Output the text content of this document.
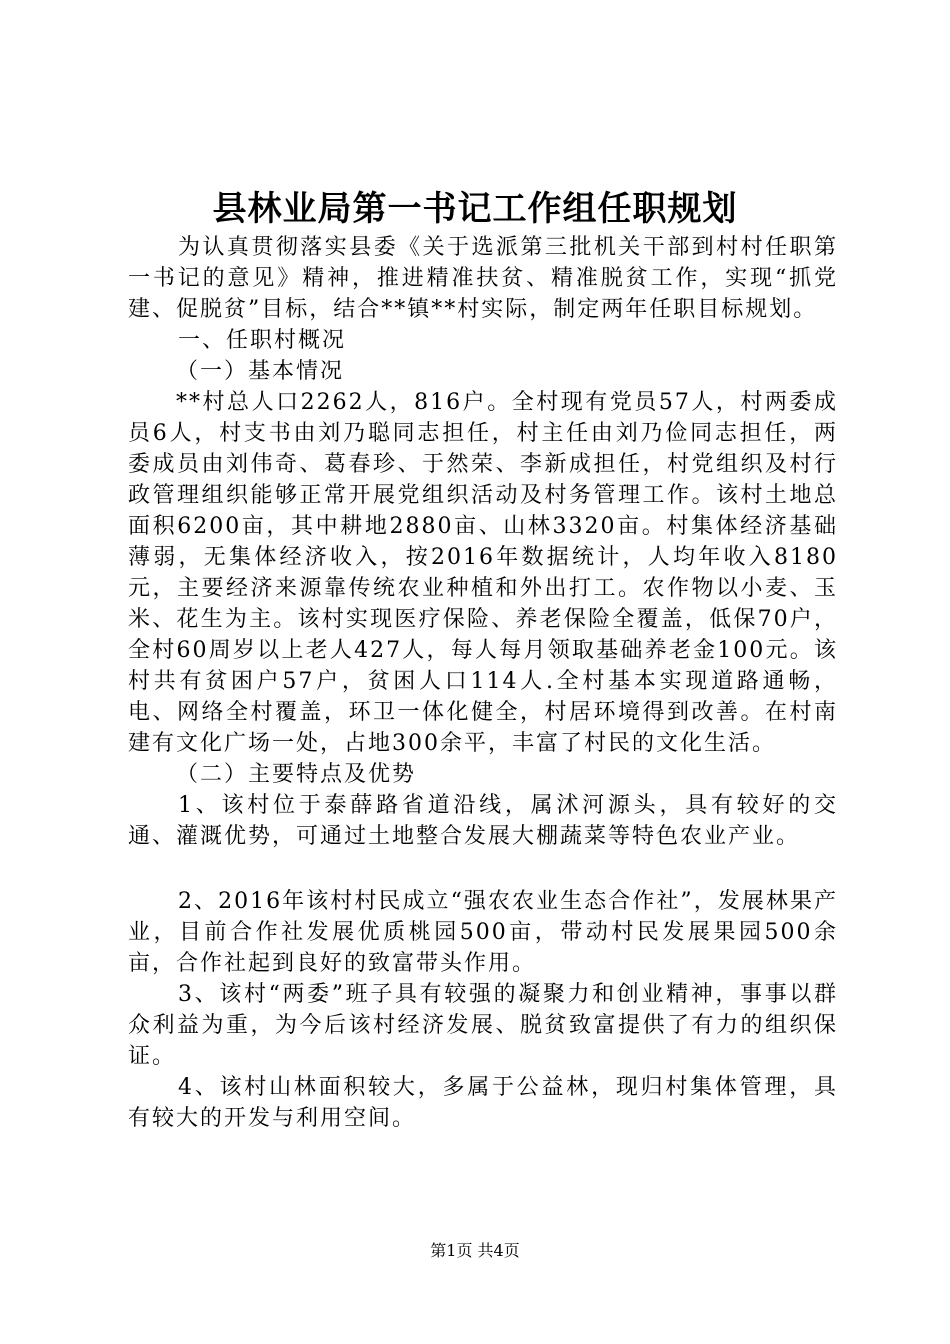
县林业局第一书记工作组任职规划

为认真贯彻落实县委《关于选派第三批机关干部到村村任职第一书记的意见》精神，推进精准扶贫、精准脱贫工作，实现“抓党建、促脱贫”目标，结合**镇**村实际，制定两年任职目标规划。

一、任职村概况

（一）基本情况

**村总人口2262人，816户。全村现有党员57人，村两委成员6人，村支书由刘乃聪同志担任，村主任由刘乃俭同志担任，两委成员由刘伟奇、葛春珍、于然荣、李新成担任，村党组织及村行政管理组织能够正常开展党组织活动及村务管理工作。该村土地总面积6200亩，其中耕地2880亩、山林3320亩。村集体经济基础薄弱，无集体经济收入，按2016年数据统计，人均年收入8180元，主要经济来源靠传统农业种植和外出打工。农作物以小麦、玉米、花生为主。该村实现医疗保险、养老保险全覆盖，低保70户，全村60周岁以上老人427人，每人每月领取基础养老金100元。该村共有贫困户57户，贫困人口114人.全村基本实现道路通畅，电、网络全村覆盖，环卫一体化健全，村居环境得到改善。在村南建有文化广场一处，占地300余平，丰富了村民的文化生活。

（二）主要特点及优势

1、该村位于泰薛路省道沿线，属沭河源头，具有较好的交通、灌溉优势，可通过土地整合发展大棚蔬菜等特色农业产业。

2、2016年该村村民成立“强农农业生态合作社”，发展林果产业，目前合作社发展优质桃园500亩，带动村民发展果园500余亩，合作社起到良好的致富带头作用。

3、该村“两委”班子具有较强的凝聚力和创业精神，事事以群众利益为重，为今后该村经济发展、脱贫致富提供了有力的组织保证。

4、该村山林面积较大，多属于公益林，现归村集体管理，具有较大的开发与利用空间。

第1页 共4页
